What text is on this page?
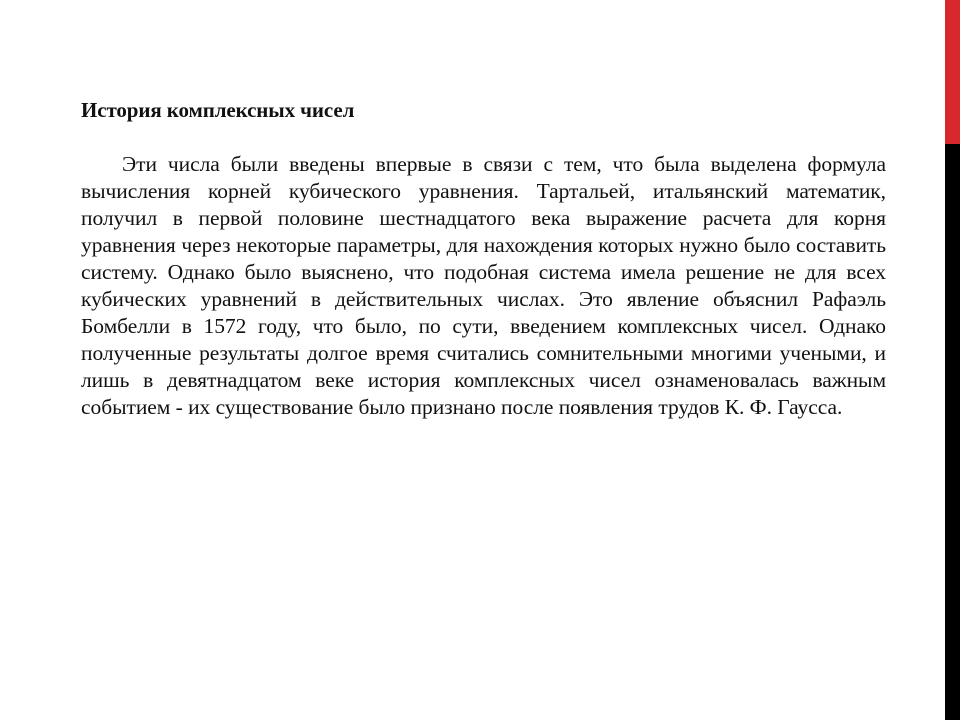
История комплексных чисел

Эти числа были введены впервые в связи с тем, что была выделена формула вычисления корней кубического уравнения. Тартальей, итальянский математик, получил в первой половине шестнадцатого века выражение расчета для корня уравнения через некоторые параметры, для нахождения которых нужно было составить систему. Однако было выяснено, что подобная система имела решение не для всех кубических уравнений в действительных числах. Это явление объяснил Рафаэль Бомбелли в 1572 году, что было, по сути, введением комплексных чисел. Однако полученные результаты долгое время считались сомнительными многими учеными, и лишь в девятнадцатом веке история комплексных чисел ознаменовалась важным событием - их существование было признано после появления трудов К. Ф. Гаусса.
